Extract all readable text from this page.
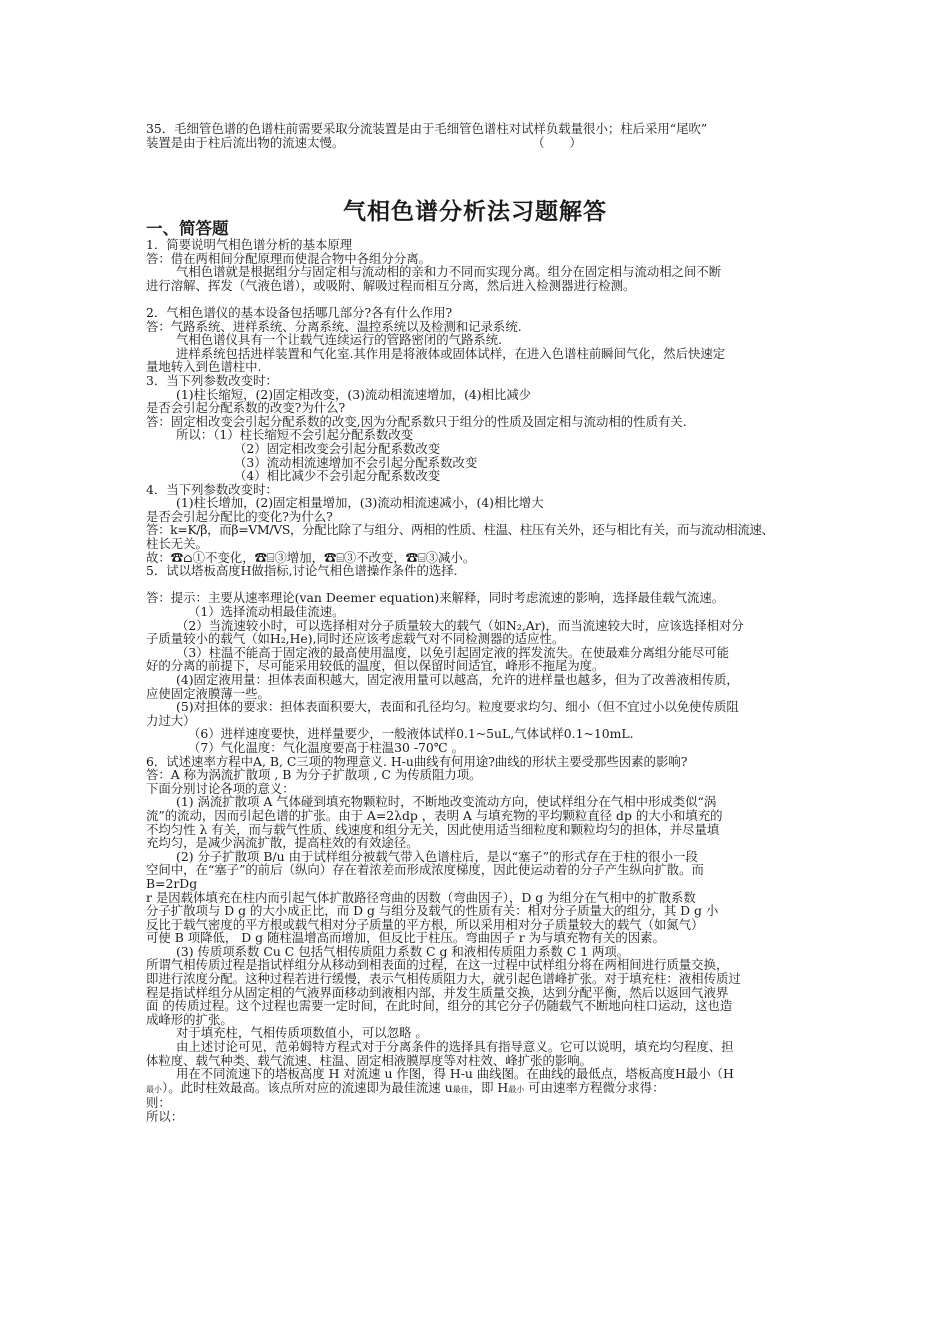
35．毛细管色谱的色谱柱前需要采取分流装置是由于毛细管色谱柱对试样负载量很小；柱后采用“尾吹”
装置是由于柱后流出物的流速太慢。	（　　）
气相色谱分析法习题解答
一、简答题
1．简要说明气相色谱分析的基本原理
答：借在两相间分配原理而使混合物中各组分分离。
气相色谱就是根据组分与固定相与流动相的亲和力不同而实现分离。组分在固定相与流动相之间不断
进行溶解、挥发（气液色谱），或吸附、解吸过程而相互分离，然后进入检测器进行检测。
2．气相色谱仪的基本设备包括哪几部分?各有什么作用?
答：气路系统、进样系统、分离系统、温控系统以及检测和记录系统.
气相色谱仪具有一个让载气连续运行的管路密闭的气路系统.
进样系统包括进样装置和气化室.其作用是将液体或固体试样，在进入色谱柱前瞬间气化，然后快速定
量地转入到色谱柱中.
3．当下列参数改变时：
(1)柱长缩短，(2)固定相改变，(3)流动相流速增加，(4)相比减少
是否会引起分配系数的改变?为什么?
答：固定相改变会引起分配系数的改变,因为分配系数只于组分的性质及固定相与流动相的性质有关.
所以：（1）柱长缩短不会引起分配系数改变
（2）固定相改变会引起分配系数改变
（3）流动相流速增加不会引起分配系数改变
（4）相比减少不会引起分配系数改变
4．当下列参数改变时：
(1)柱长增加，(2)固定相量增加，(3)流动相流速减小，(4)相比增大
是否会引起分配比的变化?为什么?
答：k=K/β，而β=VM/VS，分配比除了与组分、两相的性质、柱温、柱压有关外，还与相比有关，而与流动相流速、
柱长无关。
故：☎⌂①不变化，☎⌸③增加，☎⌸③不改变，☎⌸③减小。
5．试以塔板高度H做指标,讨论气相色谱操作条件的选择.
答：提示：主要从速率理论(van Deemer equation)来解释，同时考虑流速的影响，选择最佳载气流速。
（1）选择流动相最佳流速。
（2）当流速较小时，可以选择相对分子质量较大的载气（如N₂,Ar)，而当流速较大时，应该选择相对分
子质量较小的载气（如H₂,He),同时还应该考虑载气对不同检测器的适应性。
（3）柱温不能高于固定液的最高使用温度，以免引起固定液的挥发流失。在使最难分离组分能尽可能
好的分离的前提下，尽可能采用较低的温度，但以保留时间适宜，峰形不拖尾为度。
(4)固定液用量：担体表面积越大，固定液用量可以越高，允许的进样量也越多，但为了改善液相传质，
应使固定液膜薄一些。
(5)对担体的要求：担体表面积要大，表面和孔径均匀。粒度要求均匀、细小（但不宜过小以免使传质阻
力过大）
（6）进样速度要快，进样量要少，一般液体试样0.1~5uL,气体试样0.1~10mL.
（7）气化温度：气化温度要高于柱温30 -70℃ 。
6．试述速率方程中A, B, C三项的物理意义. H-u曲线有何用途?曲线的形状主要受那些因素的影响?
答：A 称为涡流扩散项 , B 为分子扩散项 , C 为传质阻力项。
下面分别讨论各项的意义：
(1) 涡流扩散项 A 气体碰到填充物颗粒时，不断地改变流动方向，使试样组分在气相中形成类似“涡
流”的流动，因而引起色谱的扩张。由于 A=2λdp ，表明 A 与填充物的平均颗粒直径 dp 的大小和填充的
不均匀性 λ 有关，而与载气性质、线速度和组分无关，因此使用适当细粒度和颗粒均匀的担体，并尽量填
充均匀，是减少涡流扩散，提高柱效的有效途径。
(2) 分子扩散项 B/u 由于试样组分被载气带入色谱柱后，是以“塞子”的形式存在于柱的很小一段
空间中，在“塞子”的前后（纵向）存在着浓差而形成浓度梯度，因此使运动着的分子产生纵向扩散。而
B=2rDg
r 是因载体填充在柱内而引起气体扩散路径弯曲的因数（弯曲因子），D g 为组分在气相中的扩散系数
分子扩散项与 D g 的大小成正比，而 D g 与组分及载气的性质有关：相对分子质量大的组分，其 D g 小
反比于载气密度的平方根或载气相对分子质量的平方根，所以采用相对分子质量较大的载气（如氮气）
可使 B 项降低， D g 随柱温增高而增加，但反比于柱压。弯曲因子 r 为与填充物有关的因素。
(3) 传质项系数 Cu C 包括气相传质阻力系数 C g 和液相传质阻力系数 C 1 两项。
所谓气相传质过程是指试样组分从移动到相表面的过程，在这一过程中试样组分将在两相间进行质量交换，
即进行浓度分配。这种过程若进行缓慢，表示气相传质阻力大，就引起色谱峰扩张。对于填充柱：液相传质过
程是指试样组分从固定相的气液界面移动到液相内部，并发生质量交换，达到分配平衡，然后以返回气液界
面 的传质过程。这个过程也需要一定时间，在此时间，组分的其它分子仍随载气不断地向柱口运动，这也造
成峰形的扩张。
对于填充柱，气相传质项数值小，可以忽略 。
由上述讨论可见，范弟姆特方程式对于分离条件的选择具有指导意义。它可以说明，填充均匀程度、担
体粒度、载气种类、载气流速、柱温、固定相液膜厚度等对柱效、峰扩张的影响。
用在不同流速下的塔板高度 H 对流速 u 作图，得 H-u 曲线图。在曲线的最低点，塔板高度H最小（H
最小）。此时柱效最高。该点所对应的流速即为最佳流速 u最佳，即 H最小 可由速率方程微分求得：
则：
所以：
